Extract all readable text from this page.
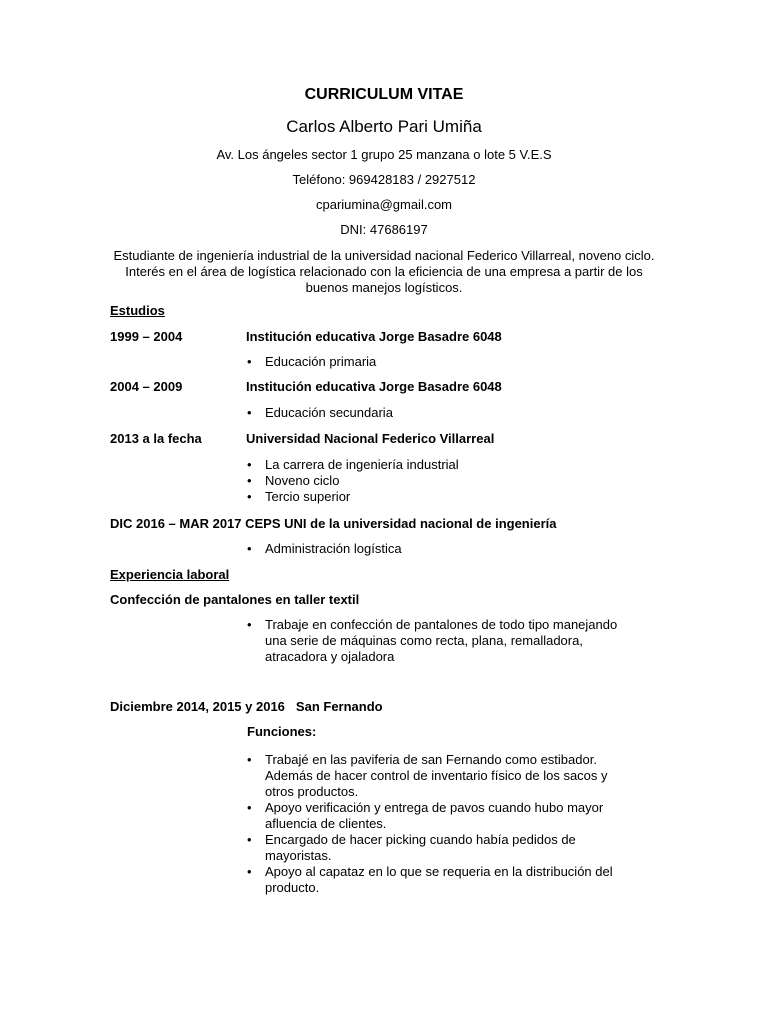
CURRICULUM VITAE
Carlos Alberto Pari Umiña
Av. Los ángeles sector 1 grupo 25 manzana o lote 5 V.E.S
Teléfono: 969428183 / 2927512
cpariumina@gmail.com
DNI: 47686197
Estudiante de ingeniería industrial de la universidad nacional Federico Villarreal, noveno ciclo. Interés en el área de logística relacionado con la eficiencia de una empresa a partir de los buenos manejos logísticos.
Estudios
1999 – 2004	Institución educativa Jorge Basadre 6048
• Educación primaria
2004 – 2009	Institución educativa Jorge Basadre 6048
• Educación secundaria
2013 a la fecha	Universidad Nacional Federico Villarreal
• La carrera de ingeniería industrial
• Noveno ciclo
• Tercio superior
DIC 2016 – MAR 2017 CEPS UNI de la universidad nacional de ingeniería
• Administración logística
Experiencia laboral
Confección de pantalones en taller textil
• Trabaje en confección de pantalones de todo tipo manejando una serie de máquinas como recta, plana, remalladora, atracadora y ojaladora
Diciembre 2014, 2015 y 2016 San Fernando
Funciones:
• Trabajé en las paviferia de san Fernando como estibador. Además de hacer control de inventario físico de los sacos y otros productos.
• Apoyo verificación y entrega de pavos cuando hubo mayor afluencia de clientes.
• Encargado de hacer picking cuando había pedidos de mayoristas.
• Apoyo al capataz en lo que se requeria en la distribución del producto.
